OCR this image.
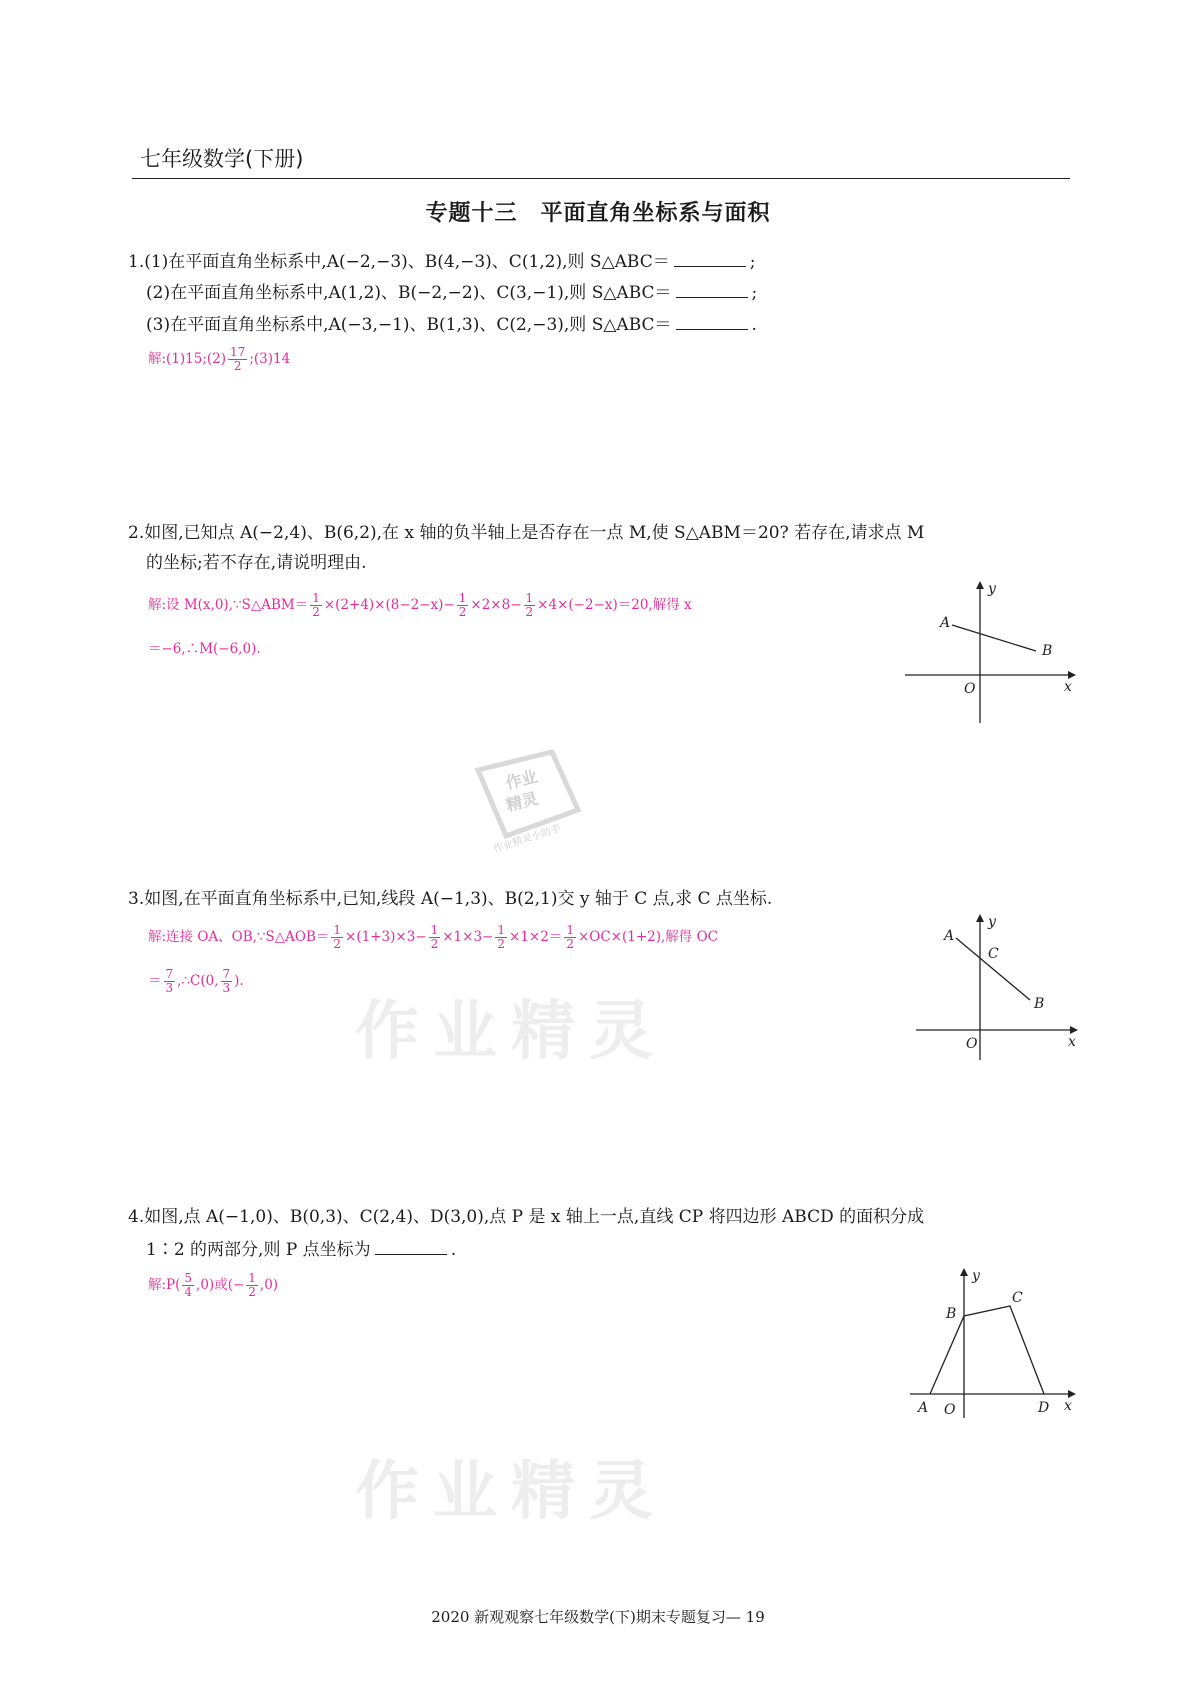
七年级数学(下册)
专题十三　平面直角坐标系与面积
1.(1)在平面直角坐标系中,A(−2,−3)、B(4,−3)、C(1,2),则 S△ABC＝	;
(2)在平面直角坐标系中,A(1,2)、B(−2,−2)、C(3,−1),则 S△ABC＝	;
(3)在平面直角坐标系中,A(−3,−1)、B(1,3)、C(2,−3),则 S△ABC＝	.
解:(1)15;(2) $\frac{17}{2}$ ;(3)14
2.如图,已知点 A(−2,4)、B(6,2),在 x 轴的负半轴上是否存在一点 M,使 S△ABM＝20? 若存在,请求点 M
的坐标;若不存在,请说明理由.
解:设 M(x,0),∵S△ABM＝ $\frac{1}{2} \times(2+4)\times(8-2-x)- \frac{1}{2} \times 2\times 8- \frac{1}{2} \times 4\times(-2-x)=20$,解得 x
＝−6,∴M(−6,0).
A
B
O	x
y
作业
精灵
作业精灵小助手
3.如图,在平面直角坐标系中,已知,线段 A(−1,3)、B(2,1)交 y 轴于 C 点,求 C 点坐标.
解:连接 OA、OB,∵S△AOB＝ $\frac{1}{2} \times(1+3)\times 3- \frac{1}{2} \times 1\times 3- \frac{1}{2} \times 1\times 2= \frac{1}{2} \times OC\times(1+2)$,解得 OC
＝ $\frac{7}{3}$ ,∴C(0, $\frac{7}{3}$ ).
A
C
B
O	x
y
作业精灵
4.如图,点 A(−1,0)、B(0,3)、C(2,4)、D(3,0),点 P 是 x 轴上一点,直线 CP 将四边形 ABCD 的面积分成
1∶2 的两部分,则 P 点坐标为	.
解:P( $\frac{5}{4} ,0$)或(− $\frac{1}{2} ,0$)
A
B
C
D
O	x
y
作业精灵
2020 新观观察七年级数学(下)期末专题复习— 19
